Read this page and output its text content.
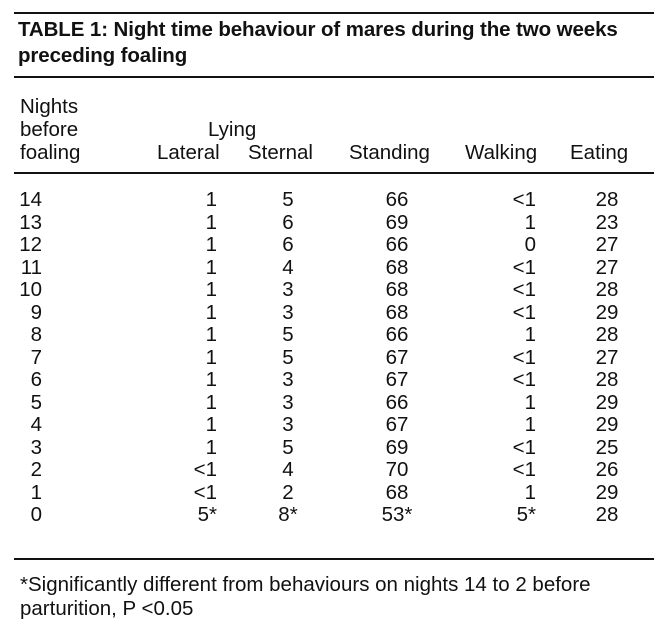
TABLE 1: Night time behaviour of mares during the two weeks preceding foaling
Nights
before
foaling
Lying
Lateral Sternal Standing Walking Eating
14	1	5	66	<1	28
13	1	6	69	1	23
12	1	6	66	0	27
11	1	4	68	<1	27
10	1	3	68	<1	28
9	1	3	68	<1	29
8	1	5	66	1	28
7	1	5	67	<1	27
6	1	3	67	<1	28
5	1	3	66	1	29
4	1	3	67	1	29
3	1	5	69	<1	25
2	<1	4	70	<1	26
1	<1	2	68	1	29
0	5*	8*	53*	5*	28
*Significantly different from behaviours on nights 14 to 2 before parturition, P <0.05
